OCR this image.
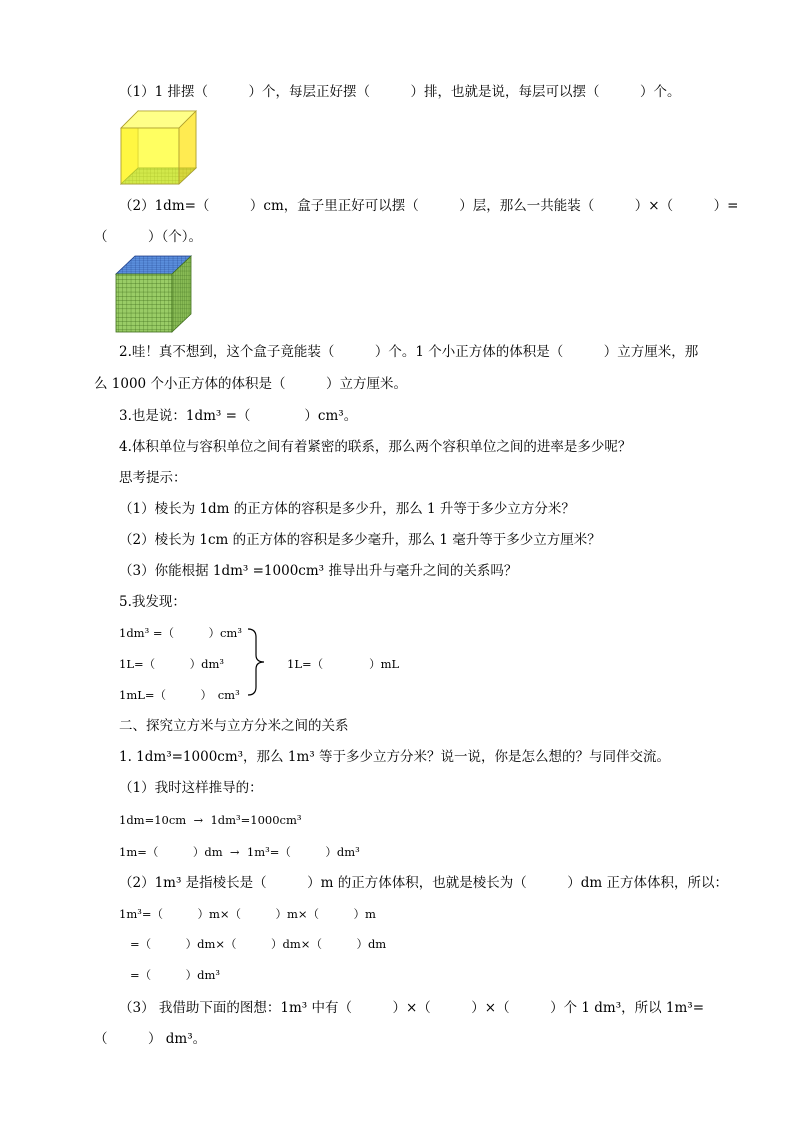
（1）1 排摆（　　　）个，每层正好摆（　　　）排，也就是说，每层可以摆（　　　）个。
（2）1dm=（　　　）cm，盒子里正好可以摆（　　　）层，那么一共能装（　　　）×（　　　）=
（　　　）（个）。
2.哇！真不想到，这个盒子竟能装（　　　）个。1 个小正方体的体积是（　　　）立方厘米，那
么 1000 个小正方体的体积是（　　　）立方厘米。
3.也是说：1dm³ =（　　　　）cm³。
4.体积单位与容积单位之间有着紧密的联系，那么两个容积单位之间的进率是多少呢？
思考提示：
（1）棱长为 1dm 的正方体的容积是多少升，那么 1 升等于多少立方分米？
（2）棱长为 1cm 的正方体的容积是多少毫升，那么 1 毫升等于多少立方厘米？
（3）你能根据 1dm³ =1000cm³ 推导出升与毫升之间的关系吗？
5.我发现：
1dm³ =（　　　）cm³
1L=（　　　）dm³	1L=（　　　　）mL
1mL=（　　　）　cm³
二、探究立方米与立方分米之间的关系
1. 1dm³=1000cm³，那么 1m³ 等于多少立方分米？说一说，你是怎么想的？与同伴交流。
（1）我时这样推导的：
1dm=10cm  →  1dm³=1000cm³
1m=（　　　）dm  →  1m³=（　　　）dm³
（2）1m³ 是指棱长是（　　　）m 的正方体体积，也就是棱长为（　　　）dm 正方体体积，所以：
1m³=（　　　）m×（　　　）m×（　　　）m
=（　　　）dm×（　　　）dm×（　　　）dm
=（　　　）dm³
（3） 我借助下面的图想：1m³ 中有（　　　）×（　　　）×（　　　）个 1 dm³，所以 1m³=
（　　　） dm³。
